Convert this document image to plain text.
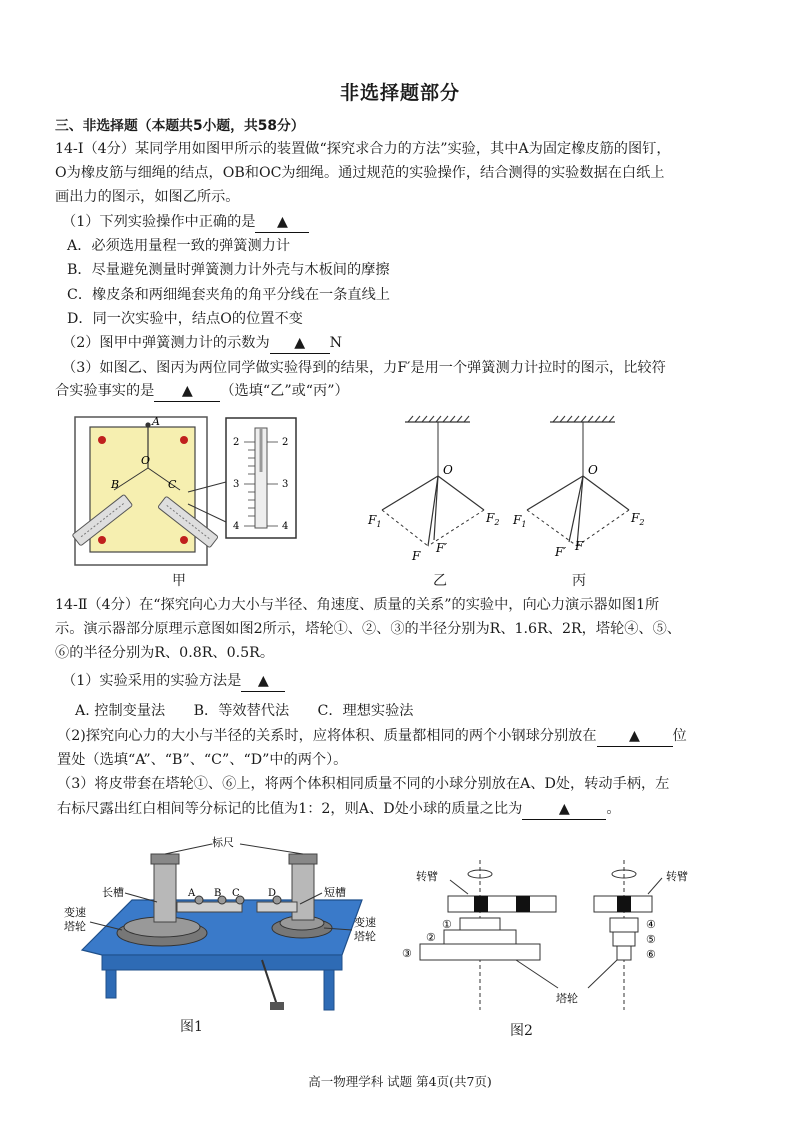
非选择题部分
三、非选择题（本题共5小题，共58分）
14-Ⅰ（4分）某同学用如图甲所示的装置做“探究求合力的方法”实验，其中A为固定橡皮筋的图钉，
O为橡皮筋与细绳的结点，OB和OC为细绳。通过规范的实验操作，结合测得的实验数据在白纸上
画出力的图示，如图乙所示。
（1）下列实验操作中正确的是 ▲
A．必须选用量程一致的弹簧测力计
B．尽量避免测量时弹簧测力计外壳与木板间的摩擦
C．橡皮条和两细绳套夹角的角平分线在一条直线上
D．同一次实验中，结点O的位置不变
（2）图甲中弹簧测力计的示数为 ▲ N
（3）如图乙、图丙为两位同学做实验得到的结果，力F′是用一个弹簧测力计拉时的图示，比较符
合实验事实的是 ▲ （选填“乙”或“丙”）
A
O
B	C
2
3
4
2
3
4
O
$F_1$	$F_2$
F
F′
O
$F_1$	$F_2$
F′ F
甲	乙	丙
14-Ⅱ（4分）在“探究向心力大小与半径、角速度、质量的关系”的实验中，向心力演示器如图1所
示。演示器部分原理示意图如图2所示，塔轮①、②、③的半径分别为R、1.6R、2R，塔轮④、⑤、
⑥的半径分别为R、0.8R、0.5R。
（1）实验采用的实验方法是 ▲
A. 控制变量法　　B．等效替代法　　C．理想实验法
（2)探究向心力的大小与半径的关系时，应将体积、质量都相同的两个小钢球分别放在 ▲ 位
置处（选填“A”、“B”、“C”、“D”中的两个）。
（3）将皮带套在塔轮①、⑥上，将两个体积相同质量不同的小球分别放在A、D处，转动手柄，左
右标尺露出红白相间等分标记的比值为1：2，则A、D处小球的质量之比为	▲	。
标尺
长槽	短槽
变速
塔轮	变速
塔轮
A B C	D
转臂	转臂
①
②
③
④
⑤
⑥
塔轮
图1	图2
高一物理学科 试题 第4页(共7页)
